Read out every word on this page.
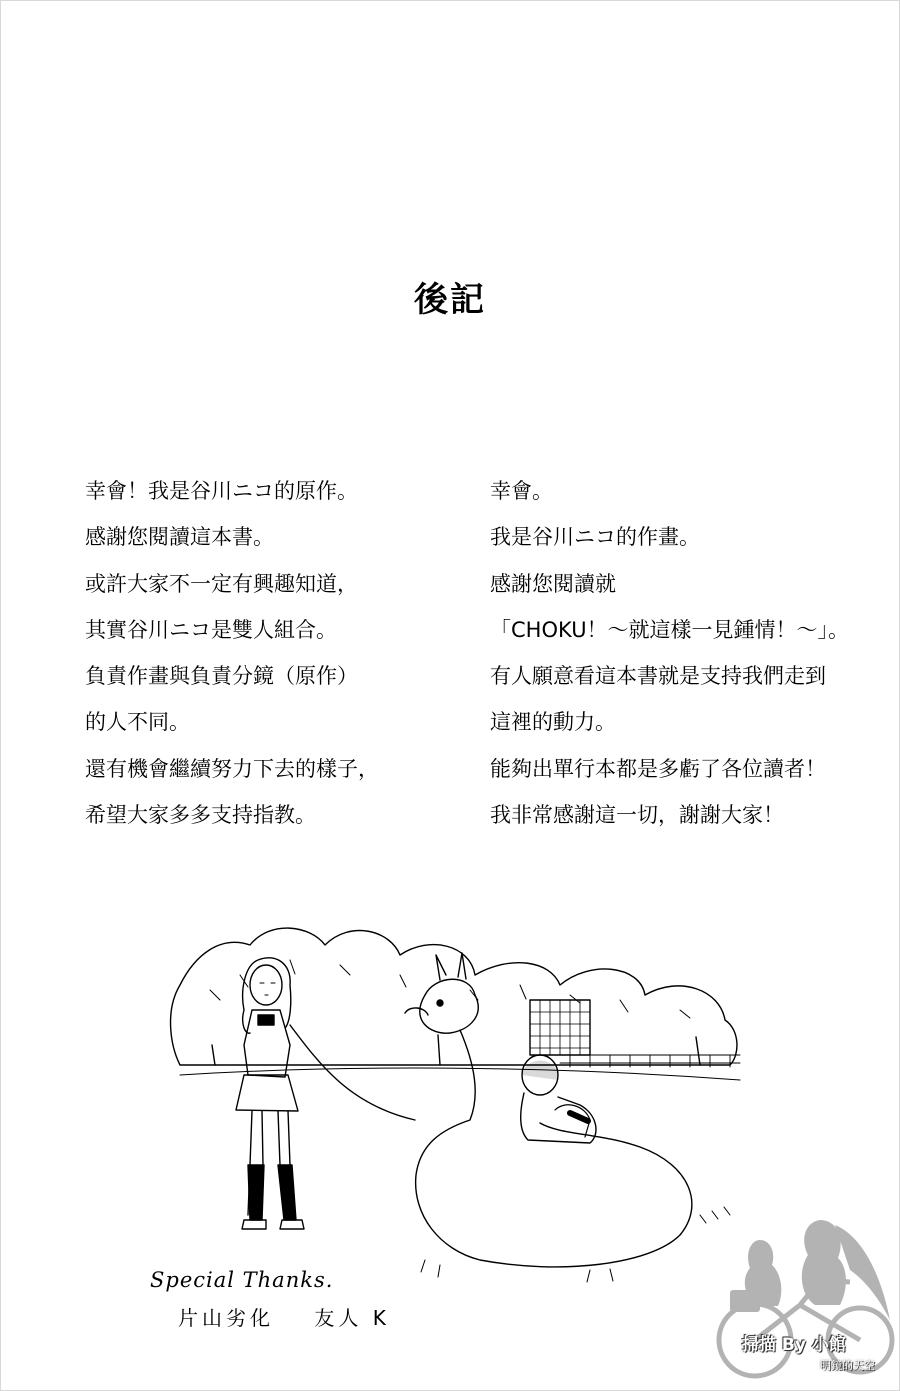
後記
幸會！我是谷川ニコ的原作。
感謝您閱讀這本書。
或許大家不一定有興趣知道，
其實谷川ニコ是雙人組合。
負責作畫與負責分鏡（原作）
的人不同。
還有機會繼續努力下去的樣子，
希望大家多多支持指教。
幸會。
我是谷川ニコ的作畫。
感謝您閱讀就
「CHOKU！～就這樣一見鍾情！～」。
有人願意看這本書就是支持我們走到
這裡的動力。
能夠出單行本都是多虧了各位讀者！
我非常感謝這一切，謝謝大家！
Special Thanks.
片山劣化 友人 K
掃描 By 小館
明鏡的天空
